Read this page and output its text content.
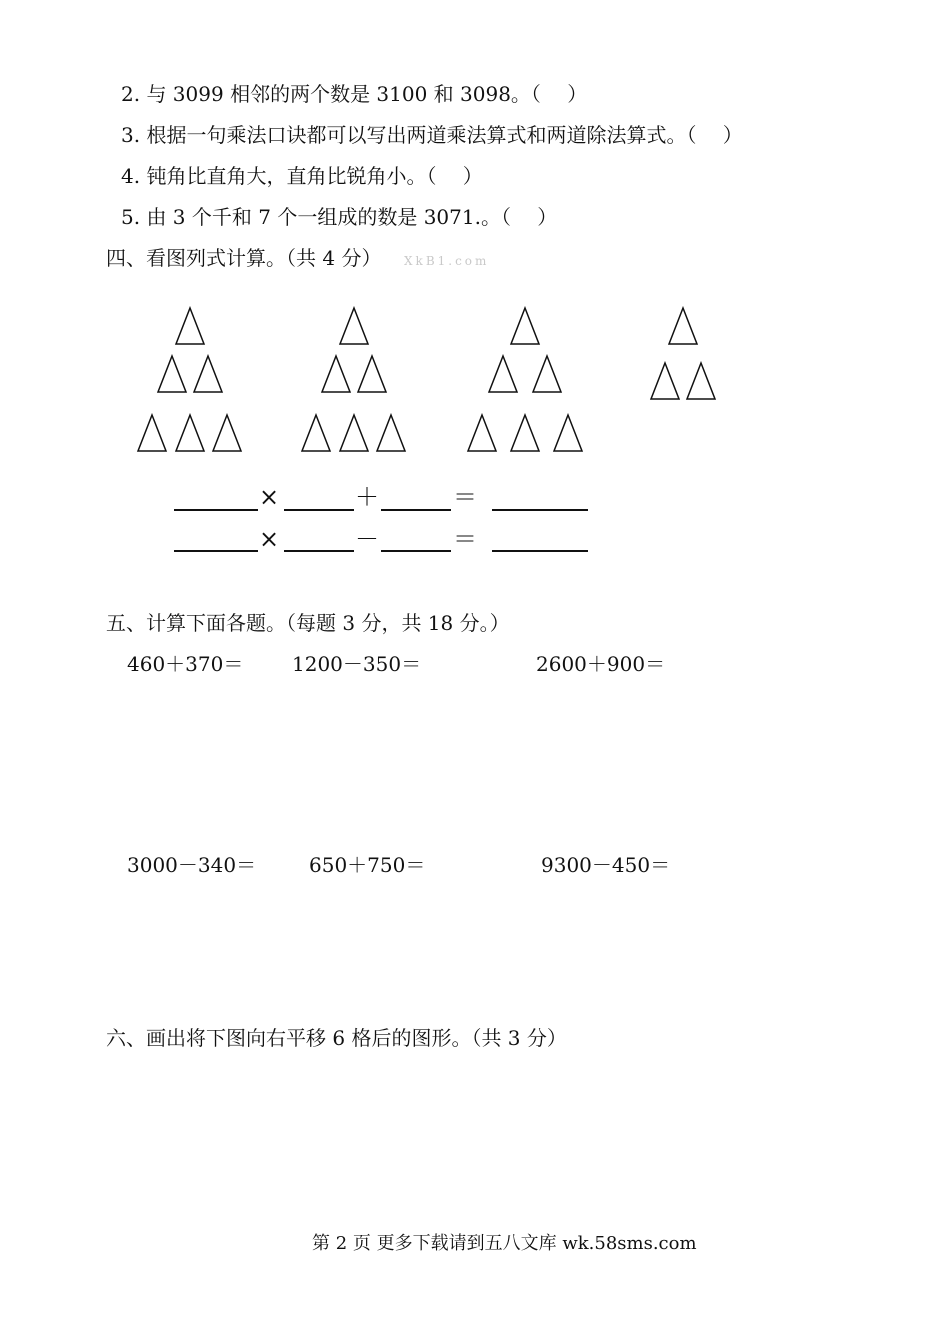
2. 与 3099 相邻的两个数是 3100 和 3098。（　 ）
3. 根据一句乘法口诀都可以写出两道乘法算式和两道除法算式。（　 ）
4. 钝角比直角大，直角比锐角小。（　 ）
5. 由 3 个千和 7 个一组成的数是 3071.。（　 ）
四、看图列式计算。（共 4 分） XkB1.com
×	＋	＝
×	－	＝
五、计算下面各题。（每题 3 分，共 18 分。）
460＋370＝ 1200－350＝	2600＋900＝
3000－340＝	650＋750＝	9300－450＝
六、画出将下图向右平移 6 格后的图形。（共 3 分）
第 2 页 更多下载请到五八文库 wk.58sms.com
